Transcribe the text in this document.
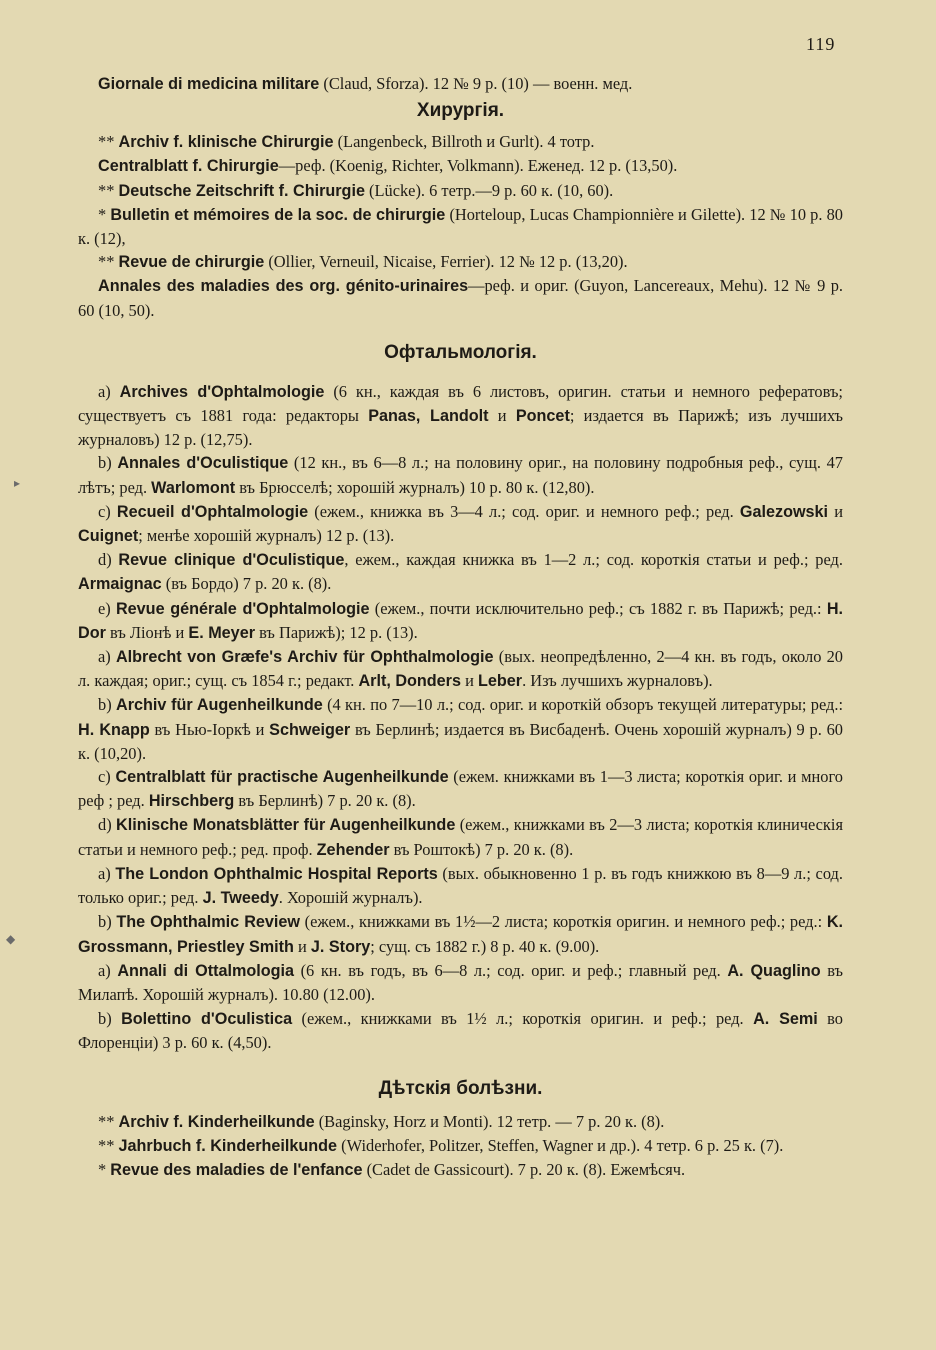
119
▸
◆

Giornale di medicina militare (Claud, Sforza). 12 № 9 р. (10) — военн. мед.

Хирургія.

** Archiv f. klinische Chirurgie (Langenbeck, Billroth и Gurlt). 4 тотр.

Centralblatt f. Chirurgie—реф. (Koenig, Richter, Volkmann). Еженед. 12 р. (13,50).

** Deutsche Zeitschrift f. Chirurgie (Lücke). 6 тетр.—9 р. 60 к. (10, 60).

* Bulletin et mémoires de la soc. de chirurgie (Horteloup, Lucas Championnière и Gilette). 12 № 10 р. 80 к. (12),

** Revue de chirurgie (Ollier, Verneuil, Nicaise, Ferrier). 12 № 12 р. (13,20).

Annales des maladies des org. génito-urinaires—реф. и ориг. (Guyon, Lancereaux, Mehu). 12 № 9 р. 60 (10, 50).

Офтальмологія.

a) Archives d'Ophtalmologie (6 кн., каждая въ 6 листовъ, оригин. статьи и немного рефератовъ; существуетъ съ 1881 года: редакторы Panas, Landolt и Poncet; издается въ Парижѣ; изъ лучшихъ журналовъ) 12 р. (12,75).

b) Annales d'Oculistique (12 кн., въ 6—8 л.; на половину ориг., на половину подробныя реф., сущ. 47 лѣтъ; ред. Warlomont въ Брюсселѣ; хорошій журналъ) 10 р. 80 к. (12,80).

c) Recueil d'Ophtalmologie (ежем., книжка въ 3—4 л.; сод. ориг. и немного реф.; ред. Galezowski и Cuignet; менѣе хорошій журналъ) 12 р. (13).

d) Revue clinique d'Oculistique, ежем., каждая книжка въ 1—2 л.; сод. короткія статьи и реф.; ред. Armaignac (въ Бордо) 7 р. 20 к. (8).

e) Revue générale d'Ophtalmologie (ежем., почти исключительно реф.; съ 1882 г. въ Парижѣ; ред.: H. Dor въ Ліонѣ и E. Meyer въ Парижѣ); 12 р. (13).

a) Albrecht von Græfe's Archiv für Ophthalmologie (вых. неопредѣленно, 2—4 кн. въ годъ, около 20 л. каждая; ориг.; сущ. съ 1854 г.; редакт. Arlt, Donders и Leber. Изъ лучшихъ журналовъ).

b) Archiv für Augenheilkunde (4 кн. по 7—10 л.; сод. ориг. и короткій обзоръ текущей литературы; ред.: H. Knapp въ Нью-Іоркѣ и Schweiger въ Берлинѣ; издается въ Висбаденѣ. Очень хорошій журналъ) 9 р. 60 к. (10,20).

c) Centralblatt für practische Augenheilkunde (ежем. книжками въ 1—3 листа; короткія ориг. и много реф ; ред. Hirschberg въ Берлинѣ) 7 р. 20 к. (8).

d) Klinische Monatsblätter für Augenheilkunde (ежем., книжками въ 2—3 листа; короткія клиническія статьи и немного реф.; ред. проф. Zehender въ Роштокѣ) 7 р. 20 к. (8).

a) The London Ophthalmic Hospital Reports (вых. обыкновенно 1 р. въ годъ книжкою въ 8—9 л.; сод. только ориг.; ред. J. Tweedy. Хорошій журналъ).

b) The Ophthalmic Review (ежем., книжками въ 1½—2 листа; короткія оригин. и немного реф.; ред.: K. Grossmann, Priestley Smith и J. Story; сущ. съ 1882 г.) 8 р. 40 к. (9.00).

a) Annali di Ottalmologia (6 кн. въ годъ, въ 6—8 л.; сод. ориг. и реф.; главный ред. A. Quaglino въ Милапѣ. Хорошій журналъ). 10.80 (12.00).

b) Bolettino d'Oculistica (ежем., книжками въ 1½ л.; короткія оригин. и реф.; ред. A. Semi во Флоренціи) 3 р. 60 к. (4,50).

Дѣтскія болѣзни.

** Archiv f. Kinderheilkunde (Baginsky, Horz и Monti). 12 тетр. — 7 р. 20 к. (8).

** Jahrbuch f. Kinderheilkunde (Widerhofer, Politzer, Steffen, Wagner и др.). 4 тетр. 6 р. 25 к. (7).

* Revue des maladies de l'enfance (Cadet de Gassicourt). 7 р. 20 к. (8). Ежемѣсяч.
